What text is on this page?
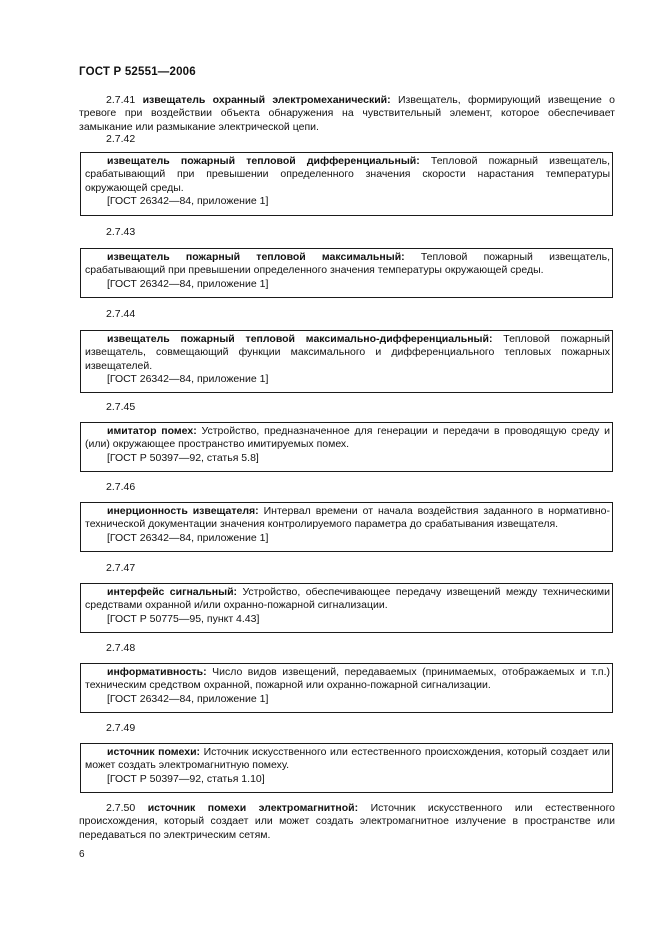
ГОСТ Р 52551—2006
2.7.41 извещатель охранный электромеханический: Извещатель, формирующий извещение о тревоге при воздействии объекта обнаружения на чувствительный элемент, которое обеспечивает замыкание или размыкание электрической цепи.
2.7.42
извещатель пожарный тепловой дифференциальный: Тепловой пожарный извещатель, срабатывающий при превышении определенного значения скорости нарастания температуры окружающей среды.
[ГОСТ 26342—84, приложение 1]
2.7.43
извещатель пожарный тепловой максимальный: Тепловой пожарный извещатель, срабатывающий при превышении определенного значения температуры окружающей среды.
[ГОСТ 26342—84, приложение 1]
2.7.44
извещатель пожарный тепловой максимально-дифференциальный: Тепловой пожарный извещатель, совмещающий функции максимального и дифференциального тепловых пожарных извещателей.
[ГОСТ 26342—84, приложение 1]
2.7.45
имитатор помех: Устройство, предназначенное для генерации и передачи в проводящую среду и (или) окружающее пространство имитируемых помех.
[ГОСТ Р 50397—92, статья 5.8]
2.7.46
инерционность извещателя: Интервал времени от начала воздействия заданного в нормативно-технической документации значения контролируемого параметра до срабатывания извещателя.
[ГОСТ 26342—84, приложение 1]
2.7.47
интерфейс сигнальный: Устройство, обеспечивающее передачу извещений между техническими средствами охранной и/или охранно-пожарной сигнализации.
[ГОСТ Р 50775—95, пункт 4.43]
2.7.48
информативность: Число видов извещений, передаваемых (принимаемых, отображаемых и т.п.) техническим средством охранной, пожарной или охранно-пожарной сигнализации.
[ГОСТ 26342—84, приложение 1]
2.7.49
источник помехи: Источник искусственного или естественного происхождения, который создает или может создать электромагнитную помеху.
[ГОСТ Р 50397—92, статья 1.10]
2.7.50 источник помехи электромагнитной: Источник искусственного или естественного происхождения, который создает или может создать электромагнитное излучение в пространстве или передаваться по электрическим сетям.
6
